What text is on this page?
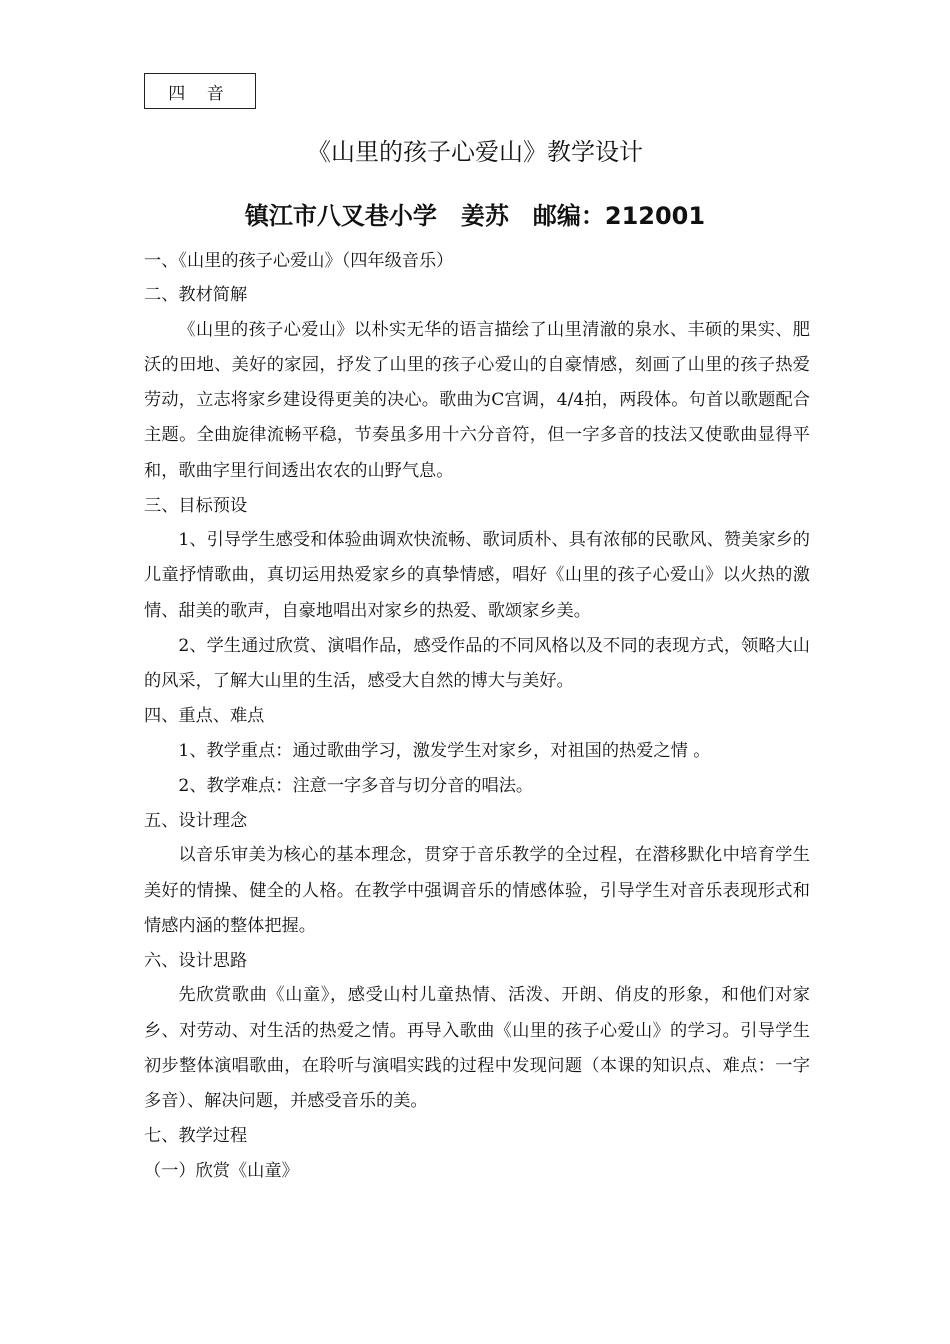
四 音
《山里的孩子心爱山》教学设计
镇江市八叉巷小学　姜苏　邮编：212001
一、《山里的孩子心爱山》（四年级音乐）
二、教材简解

《山里的孩子心爱山》以朴实无华的语言描绘了山里清澈的泉水、丰硕的果实、肥沃的田地、美好的家园，抒发了山里的孩子心爱山的自豪情感，刻画了山里的孩子热爱劳动，立志将家乡建设得更美的决心。歌曲为C宫调，4/4拍，两段体。句首以歌题配合主题。全曲旋律流畅平稳，节奏虽多用十六分音符，但一字多音的技法又使歌曲显得平和，歌曲字里行间透出农农的山野气息。

三、目标预设

1、引导学生感受和体验曲调欢快流畅、歌词质朴、具有浓郁的民歌风、赞美家乡的儿童抒情歌曲，真切运用热爱家乡的真挚情感，唱好《山里的孩子心爱山》以火热的激情、甜美的歌声，自豪地唱出对家乡的热爱、歌颂家乡美。

2、学生通过欣赏、演唱作品，感受作品的不同风格以及不同的表现方式，领略大山的风采，了解大山里的生活，感受大自然的博大与美好。

四、重点、难点

1、教学重点：通过歌曲学习，激发学生对家乡，对祖国的热爱之情 。

2、教学难点：注意一字多音与切分音的唱法。

五、设计理念

以音乐审美为核心的基本理念，贯穿于音乐教学的全过程，在潜移默化中培育学生美好的情操、健全的人格。在教学中强调音乐的情感体验，引导学生对音乐表现形式和情感内涵的整体把握。

六、设计思路

先欣赏歌曲《山童》，感受山村儿童热情、活泼、开朗、俏皮的形象，和他们对家乡、对劳动、对生活的热爱之情。再导入歌曲《山里的孩子心爱山》的学习。引导学生初步整体演唱歌曲，在聆听与演唱实践的过程中发现问题（本课的知识点、难点：一字多音）、解决问题，并感受音乐的美。

七、教学过程
（一）欣赏《山童》
